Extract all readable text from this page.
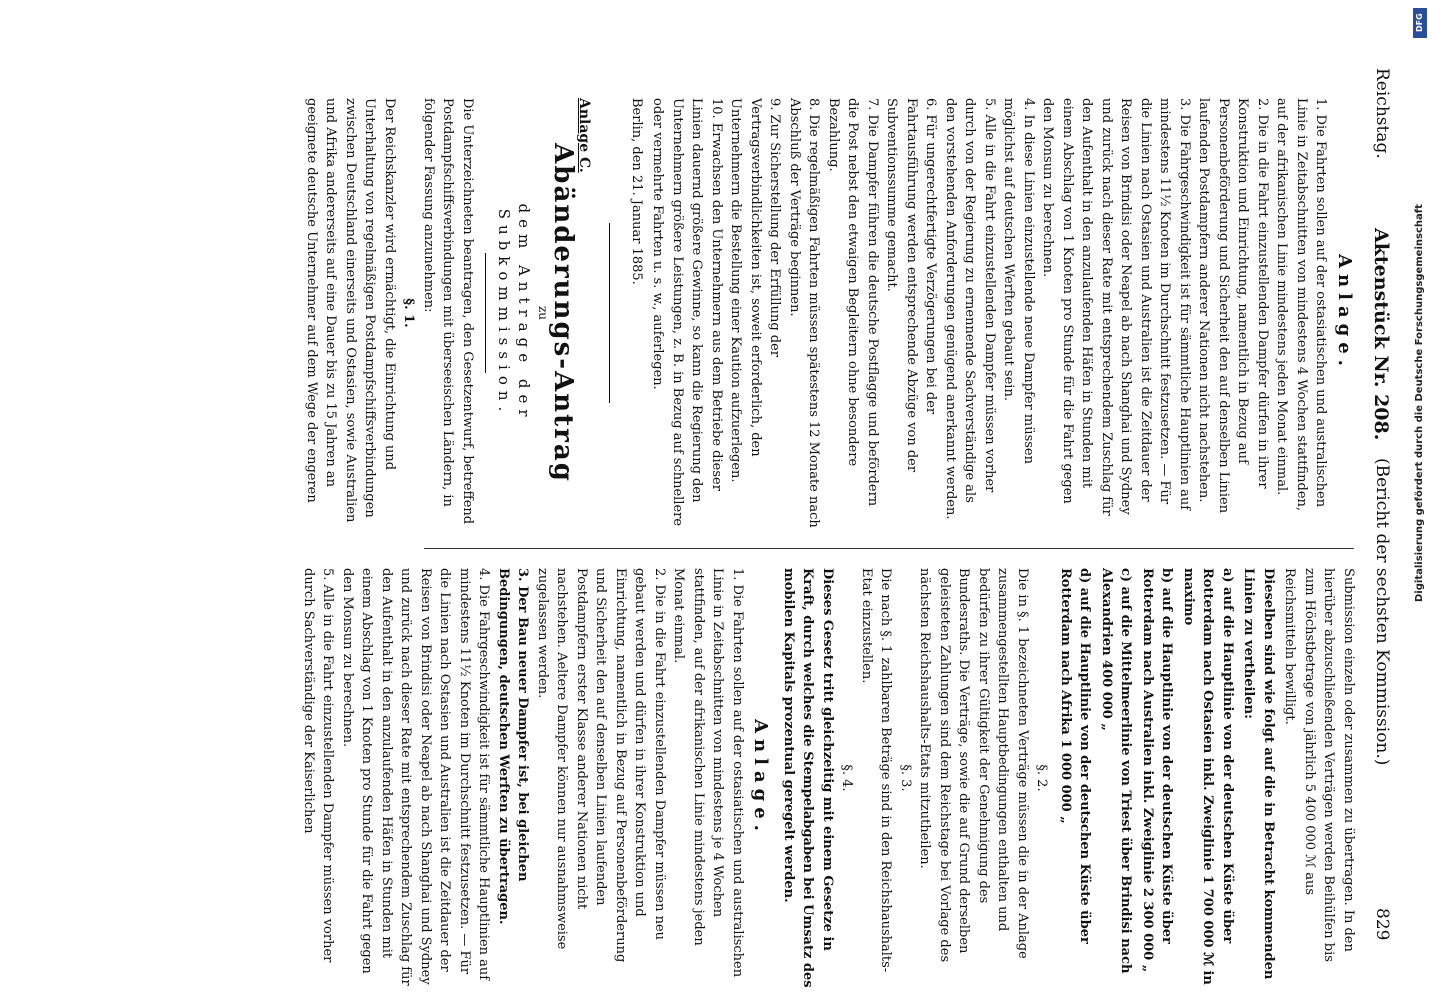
Reichstag.
Aktenstück Nr. 208.
(Bericht der sechsten Kommission.)
829
Submission einzeln oder zusammen zu übertragen. In den hierüber abzuschließenden Verträgen werden Beihülfen bis zum Höchstbetrage von jährlich 5 400 000 ℳ aus Reichsmitteln bewilligt.
Dieselben sind wie folgt auf die in Betracht kommenden Linien zu vertheilen:
a) auf die Hauptlinie von der deutschen Küste über Rotterdam nach Ostasien inkl. Zweiglinie 1 700 000 ℳ in maximo
b) auf die Hauptlinie von der deutschen Küste über Rotterdam nach Australien inkl. Zweiglinie 2 300 000 „
c) auf die Mittelmeerlinie von Triest über Brindisi nach Alexandrien 400 000 „
d) auf die Hauptlinie von der deutschen Küste über Rotterdam nach Afrika 1 000 000 „
§. 2.
Die in §. 1 bezeichneten Verträge müssen die in der Anlage zusammengestellten Hauptbedingungen enthalten und bedürfen zu ihrer Gültigkeit der Genehmigung des Bundesraths. Die Verträge, sowie die auf Grund derselben geleisteten Zahlungen sind dem Reichstage bei Vorlage des nächsten Reichshaushalts-Etats mitzutheilen.
§. 3.
Die nach §. 1 zahlbaren Beträge sind in den Reichshaushalts-Etat einzustellen.
§. 4.
Dieses Gesetz tritt gleichzeitig mit einem Gesetze in Kraft, durch welches die Stempelabgaben bei Umsatz des mobilen Kapitals prozentual geregelt werden.
Anlage.
1. Die Fahrten sollen auf der ostasiatischen und australischen Linie in Zeitabschnitten von mindestens je 4 Wochen stattfinden, auf der afrikanischen Linie mindestens jeden Monat einmal.
2. Die in die Fahrt einzustellenden Dampfer müssen neu gebaut werden und dürfen in ihrer Konstruktion und Einrichtung, namentlich in Bezug auf Personenbeförderung und Sicherheit den auf denselben Linien laufenden Postdampfern erster Klasse anderer Nationen nicht nachstehen. Aeltere Dampfer können nur ausnahmsweise zugelassen werden.
3. Der Bau neuer Dampfer ist, bei gleichen Bedingungen, deutschen Werften zu übertragen.
4. Die Fahrgeschwindigkeit ist für sämmtliche Hauptlinien auf mindestens 11½ Knoten im Durchschnitt festzusetzen. — Für die Linien nach Ostasien und Australien ist die Zeitdauer der Reisen von Brindisi oder Neapel ab nach Shanghai und Sydney und zurück nach dieser Rate mit entsprechendem Zuschlag für den Aufenthalt in den anzulaufenden Häfen in Stunden mit einem Abschlag von 1 Knoten pro Stunde für die Fahrt gegen den Monsun zu berechnen.
5. Alle in die Fahrt einzustellenden Dampfer müssen vorher durch Sachverständige der Kaiserlichen
Anlage.
1. Die Fahrten sollen auf der ostasiatischen und australischen Linie in Zeitabschnitten von mindestens 4 Wochen stattfinden, auf der afrikanischen Linie mindestens jeden Monat einmal.
2. Die in die Fahrt einzustellenden Dampfer dürfen in ihrer Konstruktion und Einrichtung, namentlich in Bezug auf Personenbeförderung und Sicherheit den auf denselben Linien laufenden Postdampfern anderer Nationen nicht nachstehen.
3. Die Fahrgeschwindigkeit ist für sämmtliche Hauptlinien auf mindestens 11½ Knoten im Durchschnitt festzusetzen. — Für die Linien nach Ostasien und Australien ist die Zeitdauer der Reisen von Brindisi oder Neapel ab nach Shanghai und Sydney und zurück nach dieser Rate mit entsprechendem Zuschlag für den Aufenthalt in den anzulaufenden Häfen in Stunden mit einem Abschlag von 1 Knoten pro Stunde für die Fahrt gegen den Monsun zu berechnen.
4. In diese Linien einzustellende neue Dampfer müssen möglichst auf deutschen Werften gebaut sein.
5. Alle in die Fahrt einzustellenden Dampfer müssen vorher durch von der Regierung zu ernennende Sachverständige als den vorstehenden Anforderungen genügend anerkannt werden.
6. Für ungerechtfertigte Verzögerungen bei der Fahrtausführung werden entsprechende Abzüge von der Subventionssumme gemacht.
7. Die Dampfer führen die deutsche Postflagge und befördern die Post nebst den etwaigen Begleitern ohne besondere Bezahlung.
8. Die regelmäßigen Fahrten müssen spätestens 12 Monate nach Abschluß der Verträge beginnen.
9. Zur Sicherstellung der Erfüllung der Vertragsverbindlichkeiten ist, soweit erforderlich, den Unternehmern die Bestellung einer Kaution aufzuerlegen.
10. Erwachsen den Unternehmern aus dem Betriebe dieser Linien dauernd größere Gewinne, so kann die Regierung den Unternehmern größere Leistungen, z. B. in Bezug auf schnellere oder vermehrte Fahrten u. s. w., auferlegen.
Berlin, den 21. Januar 1885.
Anlage C.
Abänderungs-Antrag
zu
dem Antrage der Subkommission.
Die Unterzeichneten beantragen, den Gesetzentwurf, betreffend Postdampfschiffsverbindungen mit überseeischen Ländern, in folgender Fassung anzunehmen:
§. 1.
Der Reichskanzler wird ermächtigt, die Einrichtung und Unterhaltung von regelmäßigen Postdampfschiffsverbindungen zwischen Deutschland einerseits und Ostasien, sowie Australien und Afrika andererseits auf eine Dauer bis zu 15 Jahren an geeignete deutsche Unternehmer auf dem Wege der engeren
DFG
Digitalisierung gefördert durch die Deutsche Forschungsgemeinschaft
